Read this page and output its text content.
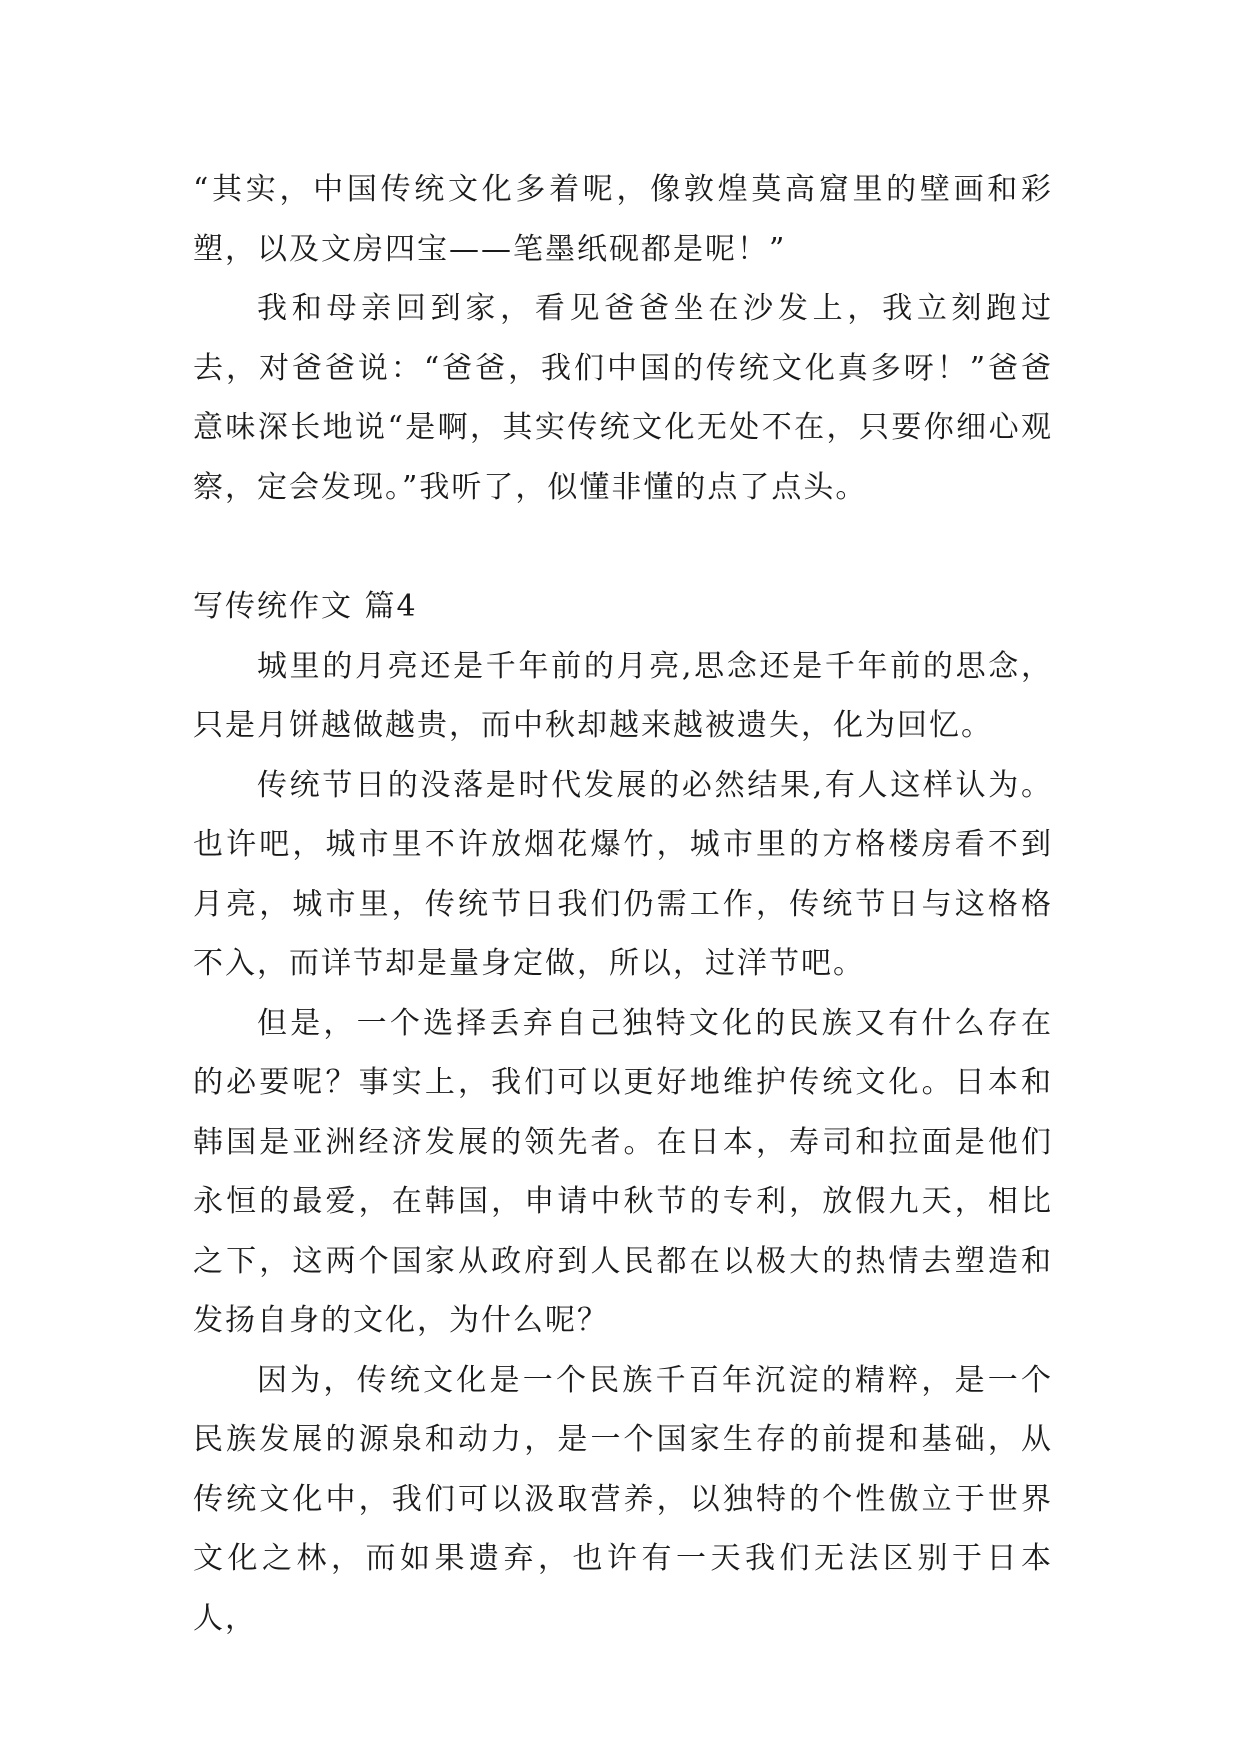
“其实，中国传统文化多着呢，像敦煌莫高窟里的壁画和彩塑，以及文房四宝——笔墨纸砚都是呢！”

我和母亲回到家，看见爸爸坐在沙发上，我立刻跑过去，对爸爸说：“爸爸，我们中国的传统文化真多呀！”爸爸意味深长地说“是啊，其实传统文化无处不在，只要你细心观察，定会发现。”我听了，似懂非懂的点了点头。

写传统作文 篇4

城里的月亮还是千年前的月亮,思念还是千年前的思念，只是月饼越做越贵，而中秋却越来越被遗失，化为回忆。

传统节日的没落是时代发展的必然结果,有人这样认为。也许吧，城市里不许放烟花爆竹，城市里的方格楼房看不到月亮，城市里，传统节日我们仍需工作，传统节日与这格格不入，而详节却是量身定做，所以，过洋节吧。

但是，一个选择丢弃自己独特文化的民族又有什么存在的必要呢？事实上，我们可以更好地维护传统文化。日本和韩国是亚洲经济发展的领先者。在日本，寿司和拉面是他们永恒的最爱，在韩国，申请中秋节的专利，放假九天，相比之下，这两个国家从政府到人民都在以极大的热情去塑造和发扬自身的文化，为什么呢？

因为，传统文化是一个民族千百年沉淀的精粹，是一个民族发展的源泉和动力，是一个国家生存的前提和基础，从传统文化中，我们可以汲取营养，以独特的个性傲立于世界文化之林，而如果遗弃，也许有一天我们无法区别于日本人，
